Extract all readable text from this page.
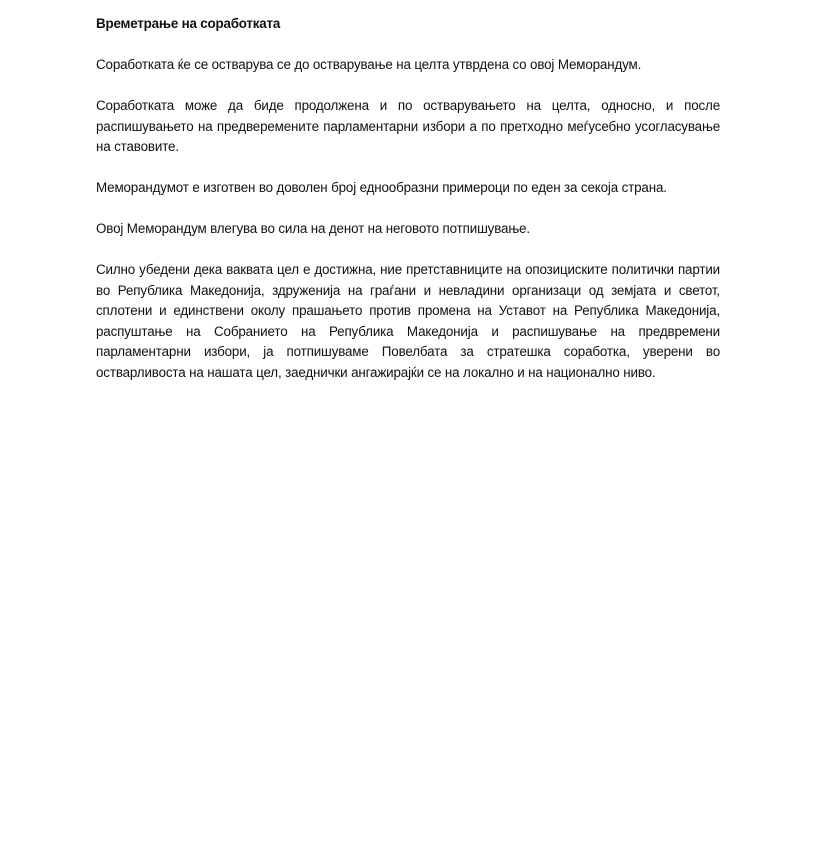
Времетрање на соработката

Соработката ќе се остварува се до остварување на целта утврдена со овој Меморандум.

Соработката може да биде продолжена и по остварувањето на целта, односно, и после распишувањето на предвеременитe парламентарни избори а по претходно меѓусебно усогласување на ставовите.

Меморандумот е изготвен во доволен број еднообразни примероци по еден за секоја страна.

Овој Меморандум влегува во сила на денот на неговото потпишување.

Силно убедени дека ваквата цел е достижна, ние претставниците на опозициските политички партии во Република Македонија, здруженија на граѓани и невладини организаци од земјата и светот, сплотени и единствени околу прашањето против промена на Уставот на Република Македонија, распуштање на Собранието на Република Македонија и распишување на предвремени парламентарни избори, ја потпишуваме Повелбата за стратешка соработка, уверени во остварливоста на нашата цел, заеднички ангажирајќи се на локално и на национално ниво.
